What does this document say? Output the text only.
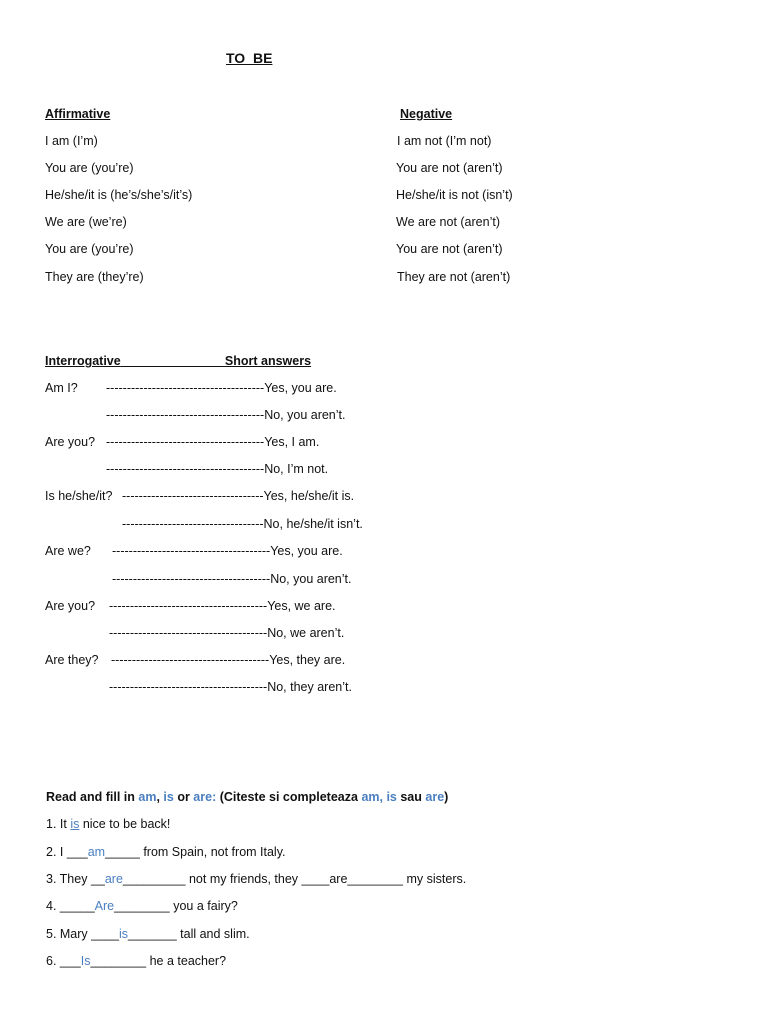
TO  BE
Affirmative
I am (I’m)
You are (you’re)
He/she/it is (he’s/she’s/it’s)
We are (we’re)
You are (you’re)
They are (they’re)
Negative
I am not (I’m not)
You are not (aren’t)
He/she/it is not (isn’t)
We are not (aren’t)
You are not (aren’t)
They are not (aren’t)
Interrogative	Short answers
Am I? --------------------------------------Yes, you are.
--------------------------------------No, you aren’t.
Are you? --------------------------------------Yes, I am.
--------------------------------------No, I’m not.
Is he/she/it? ----------------------------------Yes, he/she/it is.
----------------------------------No, he/she/it isn’t.
Are we? --------------------------------------Yes, you are.
--------------------------------------No, you aren’t.
Are you? --------------------------------------Yes, we are.
--------------------------------------No, we aren’t.
Are they? --------------------------------------Yes, they are.
--------------------------------------No, they aren’t.
Read and fill in am, is or are: (Citeste si completeaza am, is sau are)
1. It is nice to be back!
2. I ___am_____ from Spain, not from Italy.
3. They __are_________ not my friends, they ____are________ my sisters.
4. _____Are________ you a fairy?
5. Mary ____is_______ tall and slim.
6. ___Is________ he a teacher?
